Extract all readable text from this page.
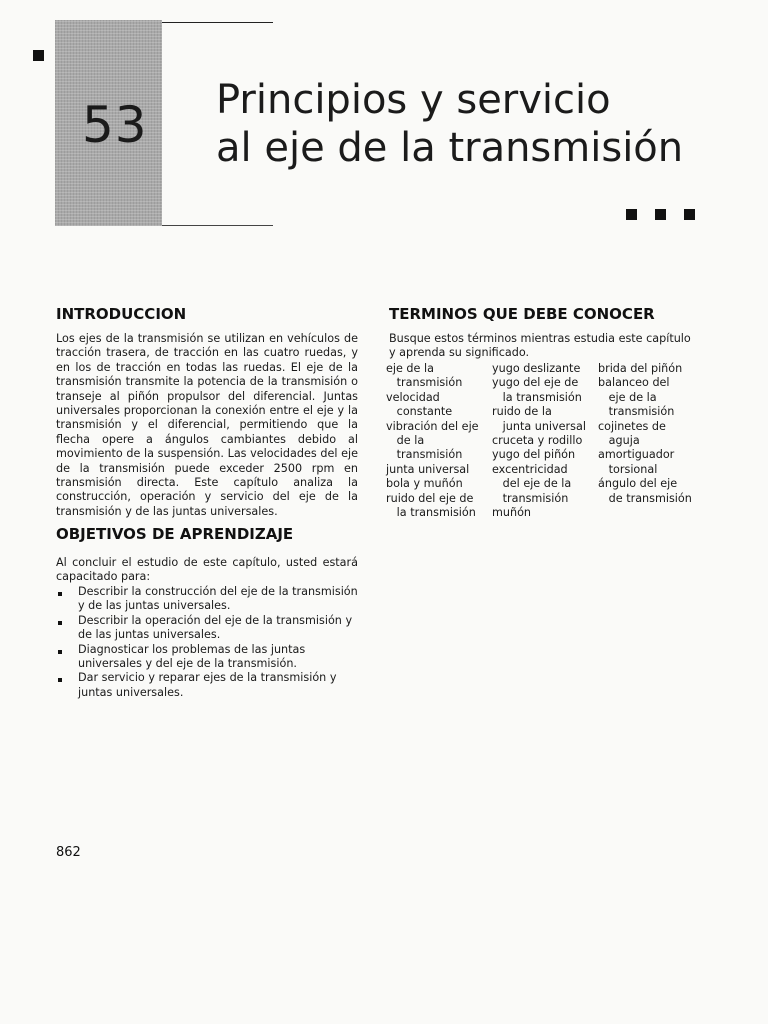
53 Principios y servicio
al eje de la transmisión
INTRODUCCION

Los ejes de la transmisión se utilizan en vehículos de tracción trasera, de tracción en las cuatro ruedas, y en los de tracción en todas las ruedas. El eje de la transmisión transmite la potencia de la transmisión o transeje al piñón propulsor del diferencial. Juntas universales proporcionan la conexión entre el eje y la transmisión y el diferencial, permitiendo que la flecha opere a ángulos cambiantes debido al movimiento de la suspensión. Las velocidades del eje de la transmisión puede exceder 2500 rpm en transmisión directa. Este capítulo analiza la construcción, operación y servicio del eje de la transmisión y de las juntas universales.

OBJETIVOS DE APRENDIZAJE

Al concluir el estudio de este capítulo, usted estará capacitado para:

Describir la construcción del eje de la transmisión y de las juntas universales.
Describir la operación del eje de la transmisión y de las juntas universales.
Diagnosticar los problemas de las juntas universales y del eje de la transmisión.
Dar servicio y reparar ejes de la transmisión y juntas universales.
TERMINOS QUE DEBE CONOCER

Busque estos términos mientras estudia este capítulo y aprenda su significado.

eje de la
transmisión
velocidad
constante
vibración del eje
de la
transmisión
junta universal
bola y muñón
ruido del eje de
la transmisión
yugo deslizante
yugo del eje de
la transmisión
ruido de la
junta universal
cruceta y rodillo
yugo del piñón
excentricidad
del eje de la
transmisión
muñón
brida del piñón
balanceo del
eje de la
transmisión
cojinetes de
aguja
amortiguador
torsional
ángulo del eje
de transmisión
862
